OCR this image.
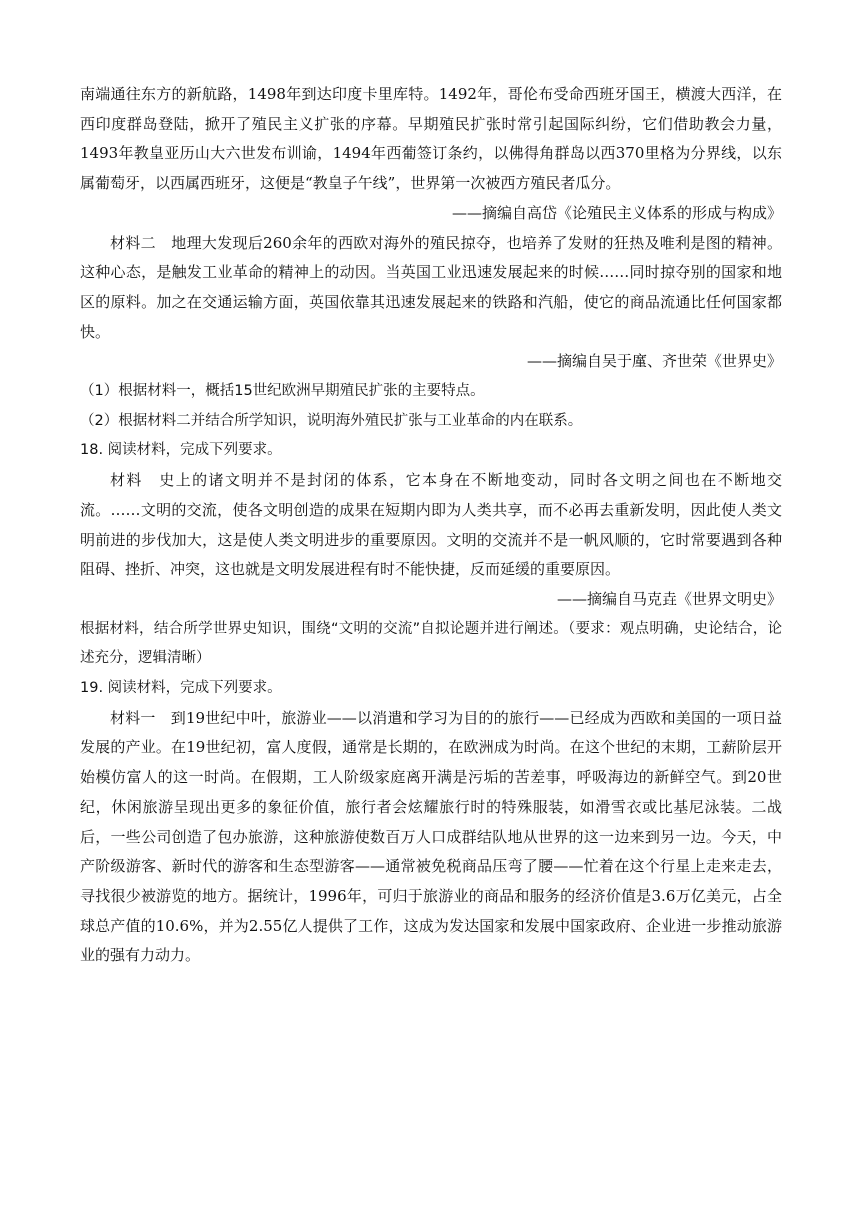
南端通往东方的新航路，1498年到达印度卡里库特。1492年，哥伦布受命西班牙国王，横渡大西洋，在西印度群岛登陆，掀开了殖民主义扩张的序幕。早期殖民扩张时常引起国际纠纷，它们借助教会力量，1493年教皇亚历山大六世发布训谕，1494年西葡签订条约，以佛得角群岛以西370里格为分界线，以东属葡萄牙，以西属西班牙，这便是“教皇子午线”，世界第一次被西方殖民者瓜分。

——摘编自高岱《论殖民主义体系的形成与构成》

材料二　地理大发现后260余年的西欧对海外的殖民掠夺，也培养了发财的狂热及唯利是图的精神。这种心态，是触发工业革命的精神上的动因。当英国工业迅速发展起来的时候……同时掠夺别的国家和地区的原料。加之在交通运输方面，英国依靠其迅速发展起来的铁路和汽船，使它的商品流通比任何国家都快。

——摘编自吴于廑、齐世荣《世界史》

（1）根据材料一，概括15世纪欧洲早期殖民扩张的主要特点。

（2）根据材料二并结合所学知识，说明海外殖民扩张与工业革命的内在联系。

18. 阅读材料，完成下列要求。

材料　史上的诸文明并不是封闭的体系，它本身在不断地变动，同时各文明之间也在不断地交流。……文明的交流，使各文明创造的成果在短期内即为人类共享，而不必再去重新发明，因此使人类文明前进的步伐加大，这是使人类文明进步的重要原因。文明的交流并不是一帆风顺的，它时常要遇到各种阻碍、挫折、冲突，这也就是文明发展进程有时不能快捷，反而延缓的重要原因。

——摘编自马克垚《世界文明史》

根据材料，结合所学世界史知识，围绕“文明的交流”自拟论题并进行阐述。（要求：观点明确，史论结合，论述充分，逻辑清晰）

19. 阅读材料，完成下列要求。

材料一　到19世纪中叶，旅游业——以消遣和学习为目的的旅行——已经成为西欧和美国的一项日益发展的产业。在19世纪初，富人度假，通常是长期的，在欧洲成为时尚。在这个世纪的末期，工薪阶层开始模仿富人的这一时尚。在假期，工人阶级家庭离开满是污垢的苦差事，呼吸海边的新鲜空气。到20世纪，休闲旅游呈现出更多的象征价值，旅行者会炫耀旅行时的特殊服装，如滑雪衣或比基尼泳装。二战后，一些公司创造了包办旅游，这种旅游使数百万人口成群结队地从世界的这一边来到另一边。今天，中产阶级游客、新时代的游客和生态型游客——通常被免税商品压弯了腰——忙着在这个行星上走来走去，寻找很少被游览的地方。据统计，1996年，可归于旅游业的商品和服务的经济价值是3.6万亿美元，占全球总产值的10.6%，并为2.55亿人提供了工作，这成为发达国家和发展中国家政府、企业进一步推动旅游业的强有力动力。
